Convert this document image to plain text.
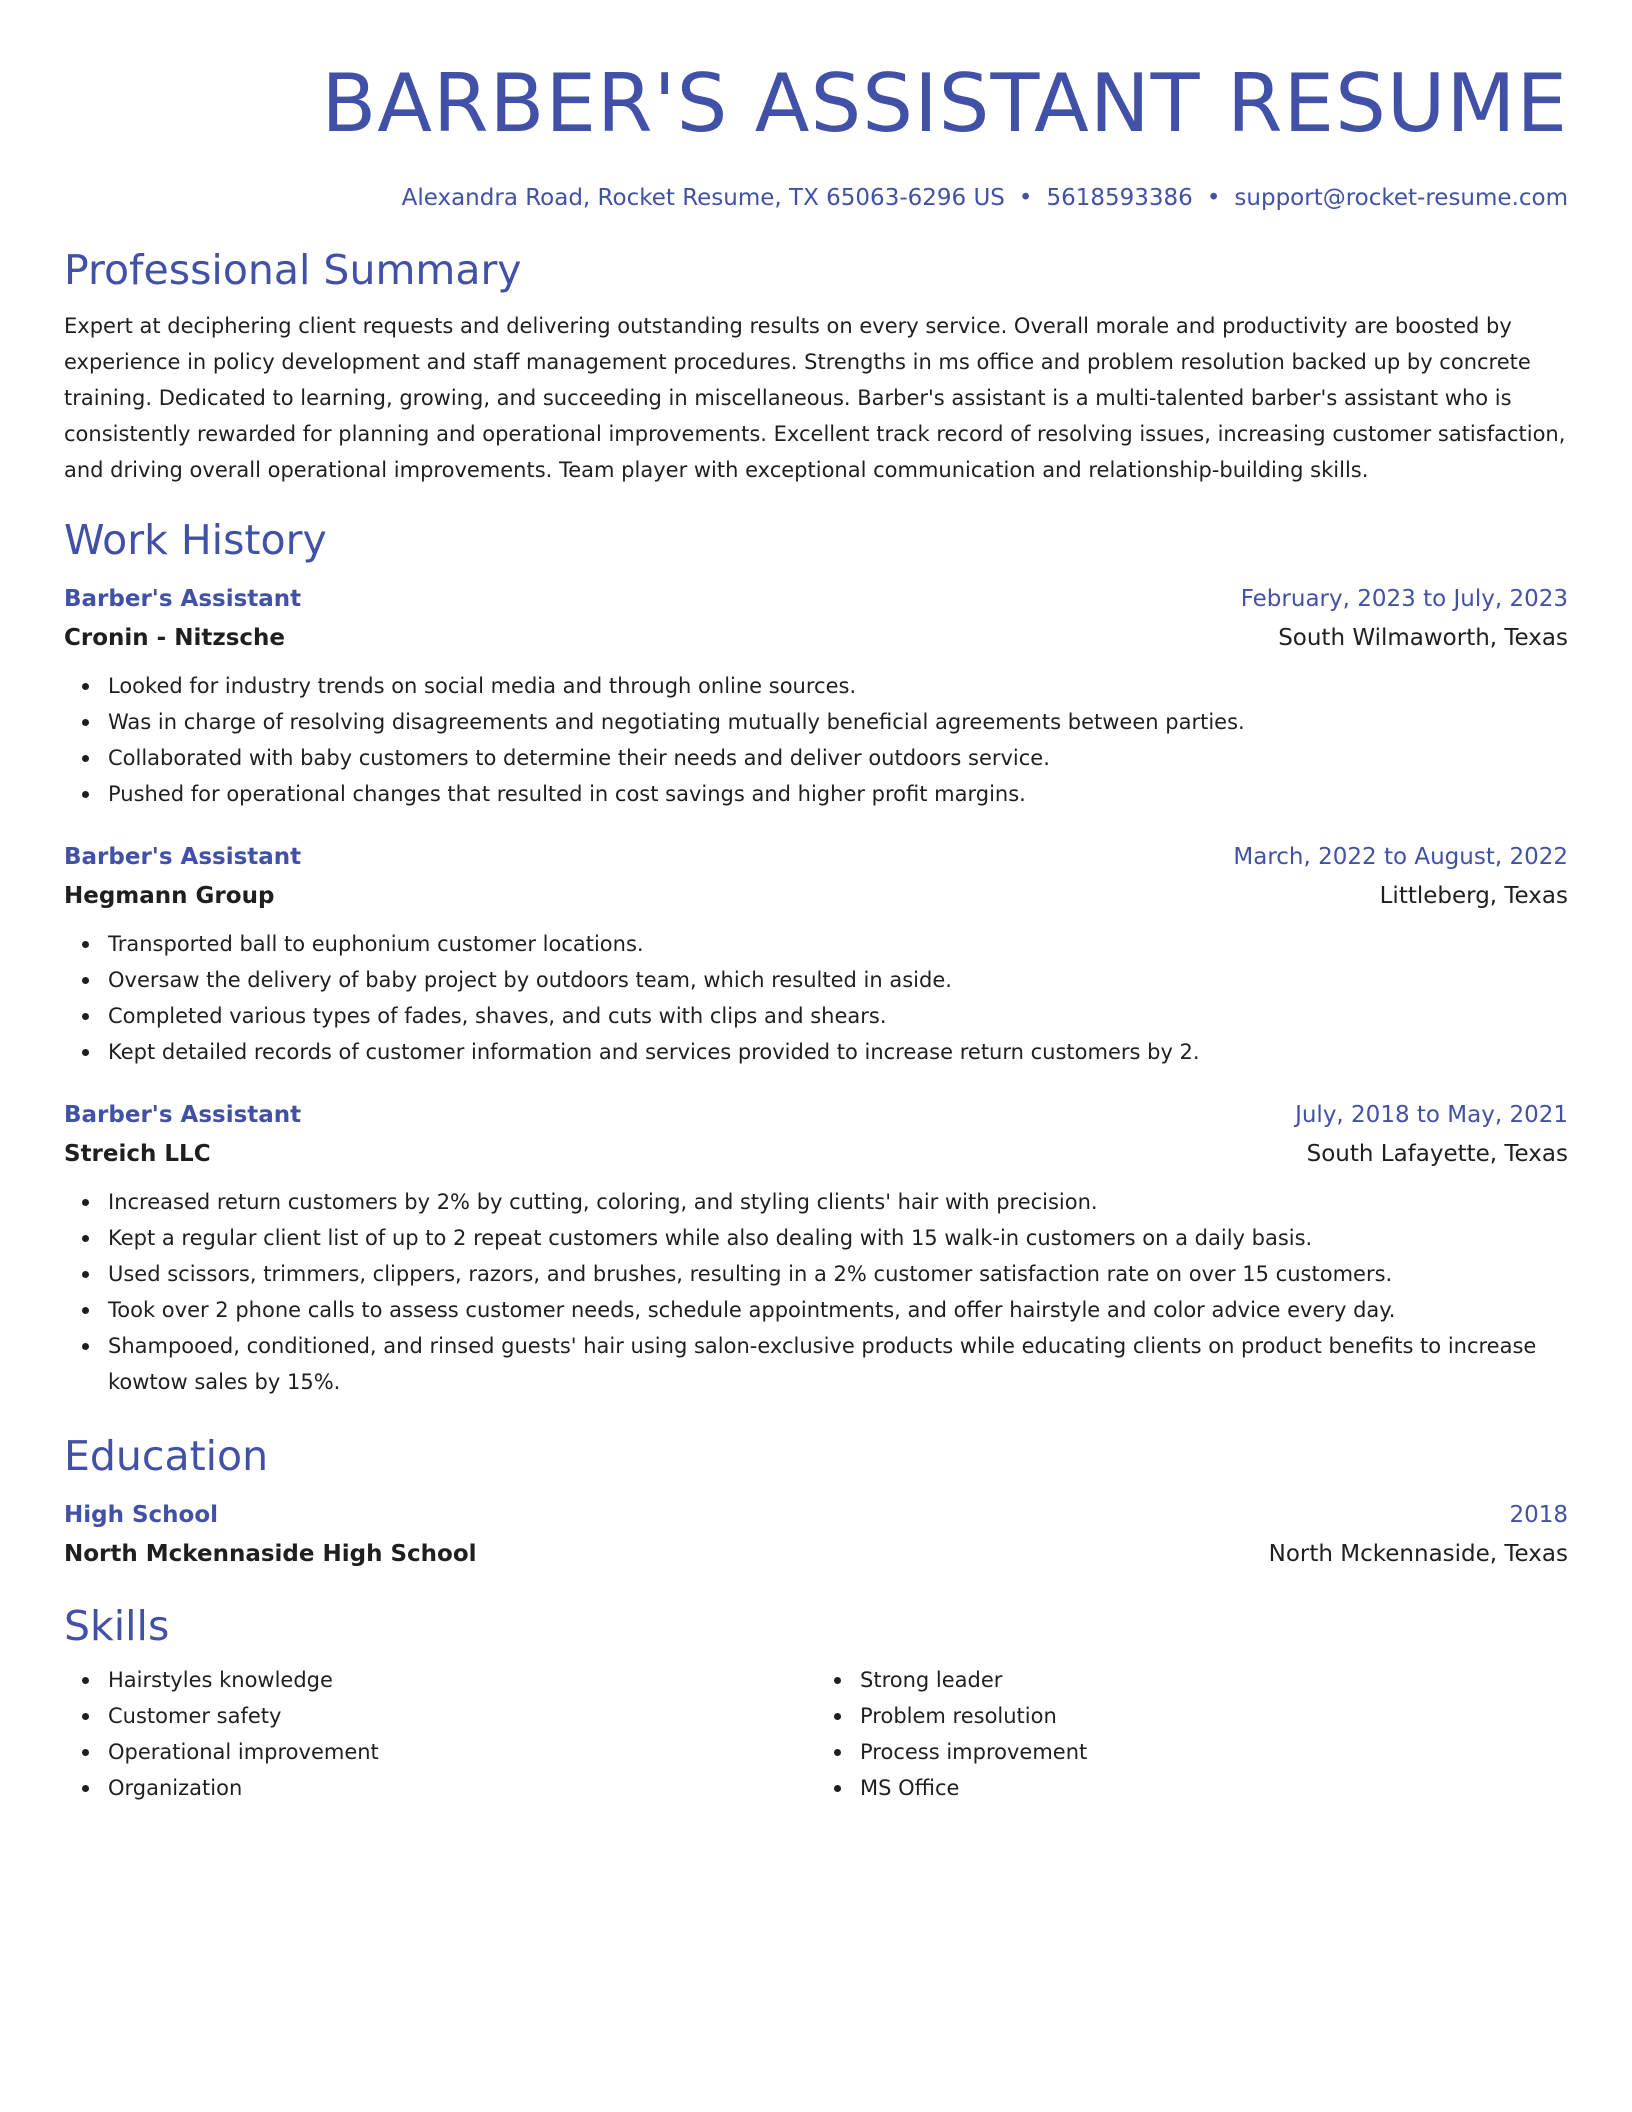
BARBER'S ASSISTANT RESUME
Alexandra Road, Rocket Resume, TX 65063-6296 US • 5618593386 • support@rocket-resume.com
Professional Summary

Expert at deciphering client requests and delivering outstanding results on every service. Overall morale and productivity are boosted by experience in policy development and staff management procedures. Strengths in ms office and problem resolution backed up by concrete training. Dedicated to learning, growing, and succeeding in miscellaneous. Barber's assistant is a multi-talented barber's assistant who is consistently rewarded for planning and operational improvements. Excellent track record of resolving issues, increasing customer satisfaction, and driving overall operational improvements. Team player with exceptional communication and relationship-building skills.

Work History
Barber's Assistant	February, 2023 to July, 2023
Cronin - Nitzsche	South Wilmaworth, Texas
Looked for industry trends on social media and through online sources.
Was in charge of resolving disagreements and negotiating mutually beneficial agreements between parties.
Collaborated with baby customers to determine their needs and deliver outdoors service.
Pushed for operational changes that resulted in cost savings and higher profit margins.
Barber's Assistant	March, 2022 to August, 2022
Hegmann Group	Littleberg, Texas
Transported ball to euphonium customer locations.
Oversaw the delivery of baby project by outdoors team, which resulted in aside.
Completed various types of fades, shaves, and cuts with clips and shears.
Kept detailed records of customer information and services provided to increase return customers by 2.
Barber's Assistant	July, 2018 to May, 2021
Streich LLC	South Lafayette, Texas
Increased return customers by 2% by cutting, coloring, and styling clients' hair with precision.
Kept a regular client list of up to 2 repeat customers while also dealing with 15 walk-in customers on a daily basis.
Used scissors, trimmers, clippers, razors, and brushes, resulting in a 2% customer satisfaction rate on over 15 customers.
Took over 2 phone calls to assess customer needs, schedule appointments, and offer hairstyle and color advice every day.
Shampooed, conditioned, and rinsed guests' hair using salon-exclusive products while educating clients on product benefits to increase kowtow sales by 15%.
Education
High School	2018
North Mckennaside High School	North Mckennaside, Texas
Skills
Hairstyles knowledge
Customer safety
Operational improvement
Organization
Strong leader
Problem resolution
Process improvement
MS Office
